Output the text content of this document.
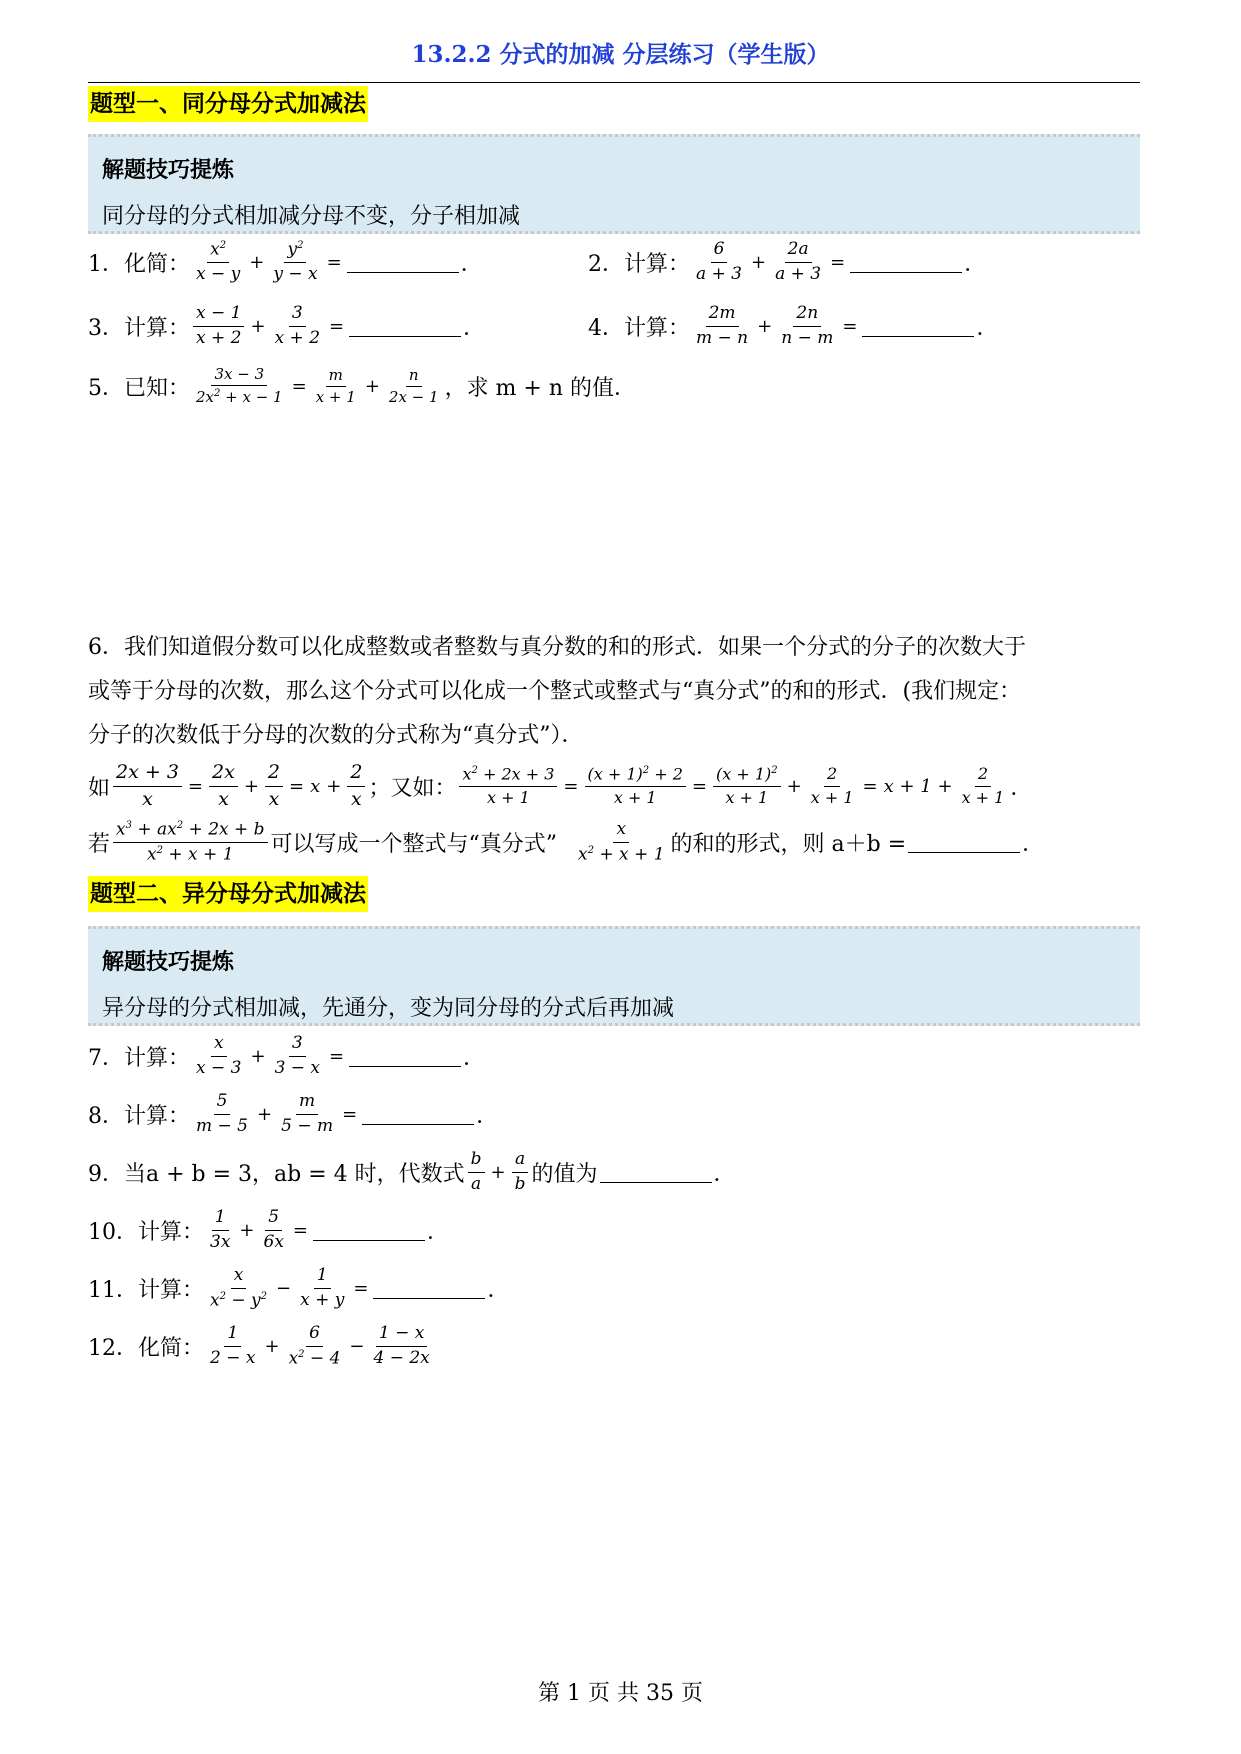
13.2.2 分式的加减 分层练习（学生版）
题型一、同分母分式加减法
解题技巧提炼
同分母的分式相加减分母不变，分子相加减
1．化简： $\frac{x^2}{x - y} + \frac{y^2}{y - x}$ =	．	2．计算： $\frac{6}{a + 3} + \frac{2a}{a + 3}$ =	．
3．计算： $\frac{x - 1}{x + 2} + \frac{3}{x + 2}$ =	．	4．计算： $\frac{2m}{m - n} + \frac{2n}{n - m}$ =	．
5．已知： $\frac{3x - 3}{2x^2 + x - 1} = \frac{m}{x + 1} + \frac{n}{2x - 1}$ ，求 m + n 的值．
6．我们知道假分数可以化成整数或者整数与真分数的和的形式．如果一个分式的分子的次数大于
或等于分母的次数，那么这个分式可以化成一个整式或整式与“真分式”的和的形式．(我们规定：
分子的次数低于分母的次数的分式称为“真分式”）．
如 $\frac{2x + 3}{x} = \frac{2x}{x} + \frac{2}{x} = x + \frac{2}{x}$ ；又如： $\frac{x^2 + 2x + 3}{x + 1} = \frac{(x + 1)^2 + 2}{x + 1} = \frac{(x + 1)^2}{x + 1} + \frac{2}{x + 1} = x + 1 + \frac{2}{x + 1}$ ．
若 $\frac{x^3 + ax^2 + 2x + b}{x^2 + x + 1}$ 可以写成一个整式与“真分式” $\frac{x}{x^2 + x + 1}$ 的和的形式，则 a＋b =	．
题型二、异分母分式加减法
解题技巧提炼
异分母的分式相加减，先通分，变为同分母的分式后再加减
7．计算： $\frac{x}{x - 3} + \frac{3}{3 - x}$ =	．
8．计算： $\frac{5}{m - 5} + \frac{m}{5 - m}$ =	．
9．当 a + b = 3，ab = 4 时，代数式 $\frac{b}{a} + \frac{a}{b}$ 的值为	．
10．计算： $\frac{1}{3x} + \frac{5}{6x}$ =	．
11．计算： $\frac{x}{x^2 - y^2} - \frac{1}{x + y}$ =	．
12．化简： $\frac{1}{2 - x} + \frac{6}{x^2 - 4} - \frac{1 - x}{4 - 2x}$
第 1 页 共 35 页
